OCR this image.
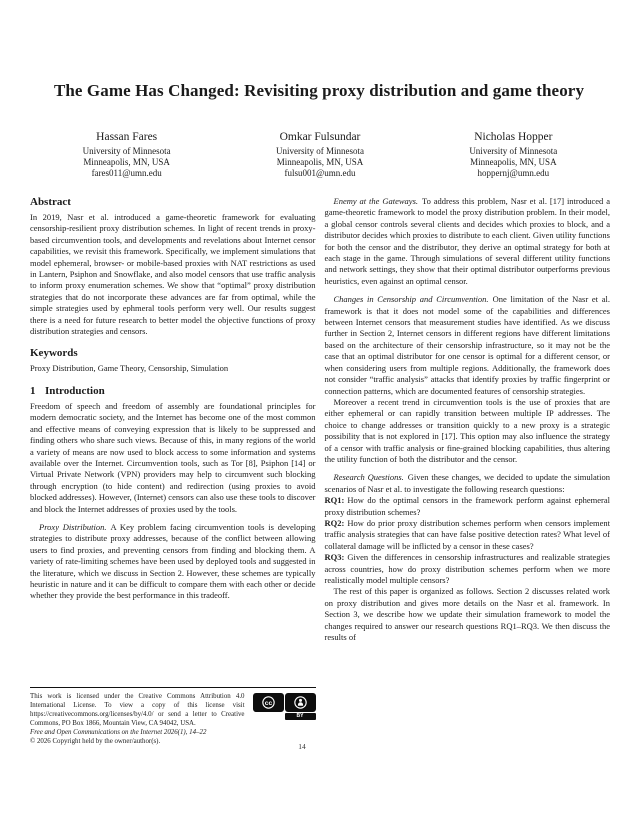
The Game Has Changed: Revisiting proxy distribution and game theory
Hassan Fares
University of Minnesota
Minneapolis, MN, USA
fares011@umn.edu
Omkar Fulsundar
University of Minnesota
Minneapolis, MN, USA
fulsu001@umn.edu
Nicholas Hopper
University of Minnesota
Minneapolis, MN, USA
hoppernj@umn.edu
Abstract

In 2019, Nasr et al. introduced a game-theoretic framework for evaluating censorship-resilient proxy distribution schemes. In light of recent trends in proxy-based circumvention tools, and developments and revelations about Internet censor capabilities, we revisit this framework. Specifically, we implement simulations that model ephemeral, browser- or mobile-based proxies with NAT restrictions as used in Lantern, Psiphon and Snowflake, and also model censors that use traffic analysis to inform proxy enumeration schemes. We show that “optimal” proxy distribution strategies that do not incorporate these advances are far from optimal, while the simple strategies used by ephmeral tools perform very well. Our results suggest there is a need for future research to better model the objective functions of proxy distribution strategies and censors.

Keywords

Proxy Distribution, Game Theory, Censorship, Simulation

1 Introduction

Freedom of speech and freedom of assembly are foundational principles for modern democratic society, and the Internet has become one of the most common and effective means of conveying expression that is likely to be suppressed and finding others who share such views. Because of this, in many regions of the world a variety of means are now used to block access to some information and systems available over the Internet. Circumvention tools, such as Tor [8], Psiphon [14] or Virtual Private Network (VPN) providers may help to circumvent such blocking through encryption (to hide content) and redirection (using proxies to avoid blocked addresses). However, (Internet) censors can also use these tools to discover and block the Internet addresses of proxies used by the tools.

Proxy Distribution. A Key problem facing circumvention tools is developing strategies to distribute proxy addresses, because of the conflict between allowing users to find proxies, and preventing censors from finding and blocking them. A variety of rate-limiting schemes have been used by deployed tools and suggested in the literature, which we discuss in Section 2. However, these schemes are typically heuristic in nature and it can be difficult to compare them with each other or decide whether they provide the best performance in this tradeoff.

cc
BY
This work is licensed under the Creative Commons Attribution 4.0 International License. To view a copy of this license visit https://creativecommons.org/licenses/by/4.0/ or send a letter to Creative Commons, PO Box 1866, Mountain View, CA 94042, USA.
Free and Open Communications on the Internet 2026(1), 14–22
© 2026 Copyright held by the owner/author(s).

Enemy at the Gateways. To address this problem, Nasr et al. [17] introduced a game-theoretic framework to model the proxy distribution problem. In their model, a global censor controls several clients and decides which proxies to block, and a distributor decides which proxies to distribute to each client. Given utility functions for both the censor and the distributor, they derive an optimal strategy for both at each stage in the game. Through simulations of several different utility functions and network settings, they show that their optimal distributor outperforms previous heuristics, even against an optimal censor.

Changes in Censorship and Circumvention. One limitation of the Nasr et al. framework is that it does not model some of the capabilities and differences between Internet censors that measurement studies have identified. As we discuss further in Section 2, Internet censors in different regions have different limitations based on the architecture of their censorship infrastructure, so it may not be the case that an optimal distributor for one censor is optimal for a different censor, or when considering users from multiple regions. Additionally, the framework does not consider “traffic analysis” attacks that identify proxies by traffic fingerprint or connection patterns, which are documented features of censorship strategies.

Moreover a recent trend in circumvention tools is the use of proxies that are either ephemeral or can rapidly transition between multiple IP addresses. The choice to change addresses or transition quickly to a new proxy is a strategic possibility that is not explored in [17]. This option may also influence the strategy of a censor with traffic analysis or fine-grained blocking capabilities, thus altering the utility function of both the distributor and the censor.

Research Questions. Given these changes, we decided to update the simulation scenarios of Nasr et al. to investigate the following research questions:

RQ1: How do the optimal censors in the framework perform against ephemeral proxy distribution schemes?

RQ2: How do prior proxy distribution schemes perform when censors implement traffic analysis strategies that can have false positive detection rates? What level of collateral damage will be inflicted by a censor in these cases?

RQ3: Given the differences in censorship infrastructures and realizable strategies across countries, how do proxy distribution schemes perform when we more realistically model multiple censors?

The rest of this paper is organized as follows. Section 2 discusses related work on proxy distribution and gives more details on the Nasr et al. framework. In Section 3, we describe how we update their simulation framework to model the changes required to answer our research questions RQ1–RQ3. We then discuss the results of

14
